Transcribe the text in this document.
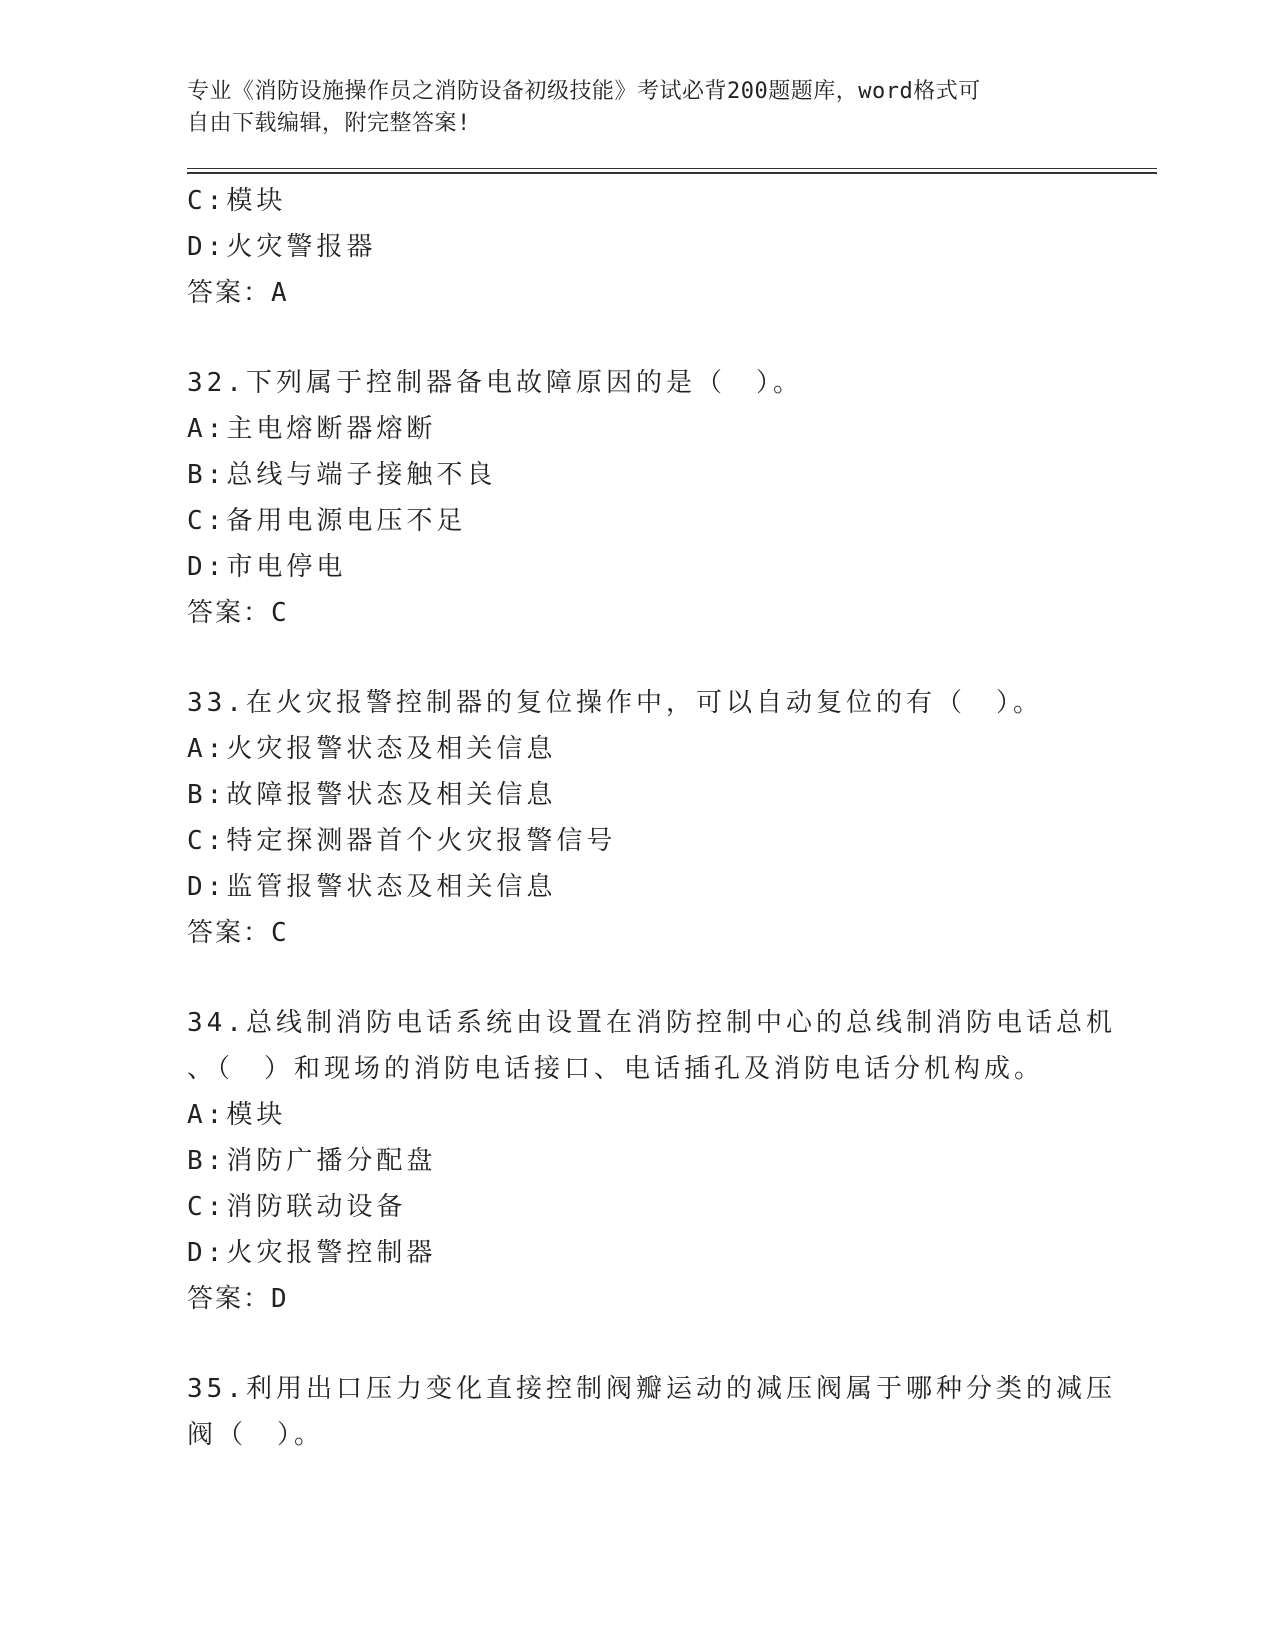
专业《消防设施操作员之消防设备初级技能》考试必背200题题库，word格式可
自由下载编辑，附完整答案!

C:模块
D:火灾警报器
答案：A
32.下列属于控制器备电故障原因的是（　）。
A:主电熔断器熔断
B:总线与端子接触不良
C:备用电源电压不足
D:市电停电
答案：C
33.在火灾报警控制器的复位操作中，可以自动复位的有（　）。
A:火灾报警状态及相关信息
B:故障报警状态及相关信息
C:特定探测器首个火灾报警信号
D:监管报警状态及相关信息
答案：C
34.总线制消防电话系统由设置在消防控制中心的总线制消防电话总机
、（　）和现场的消防电话接口、电话插孔及消防电话分机构成。
A:模块
B:消防广播分配盘
C:消防联动设备
D:火灾报警控制器
答案：D
35.利用出口压力变化直接控制阀瓣运动的减压阀属于哪种分类的减压
阀（　）。
